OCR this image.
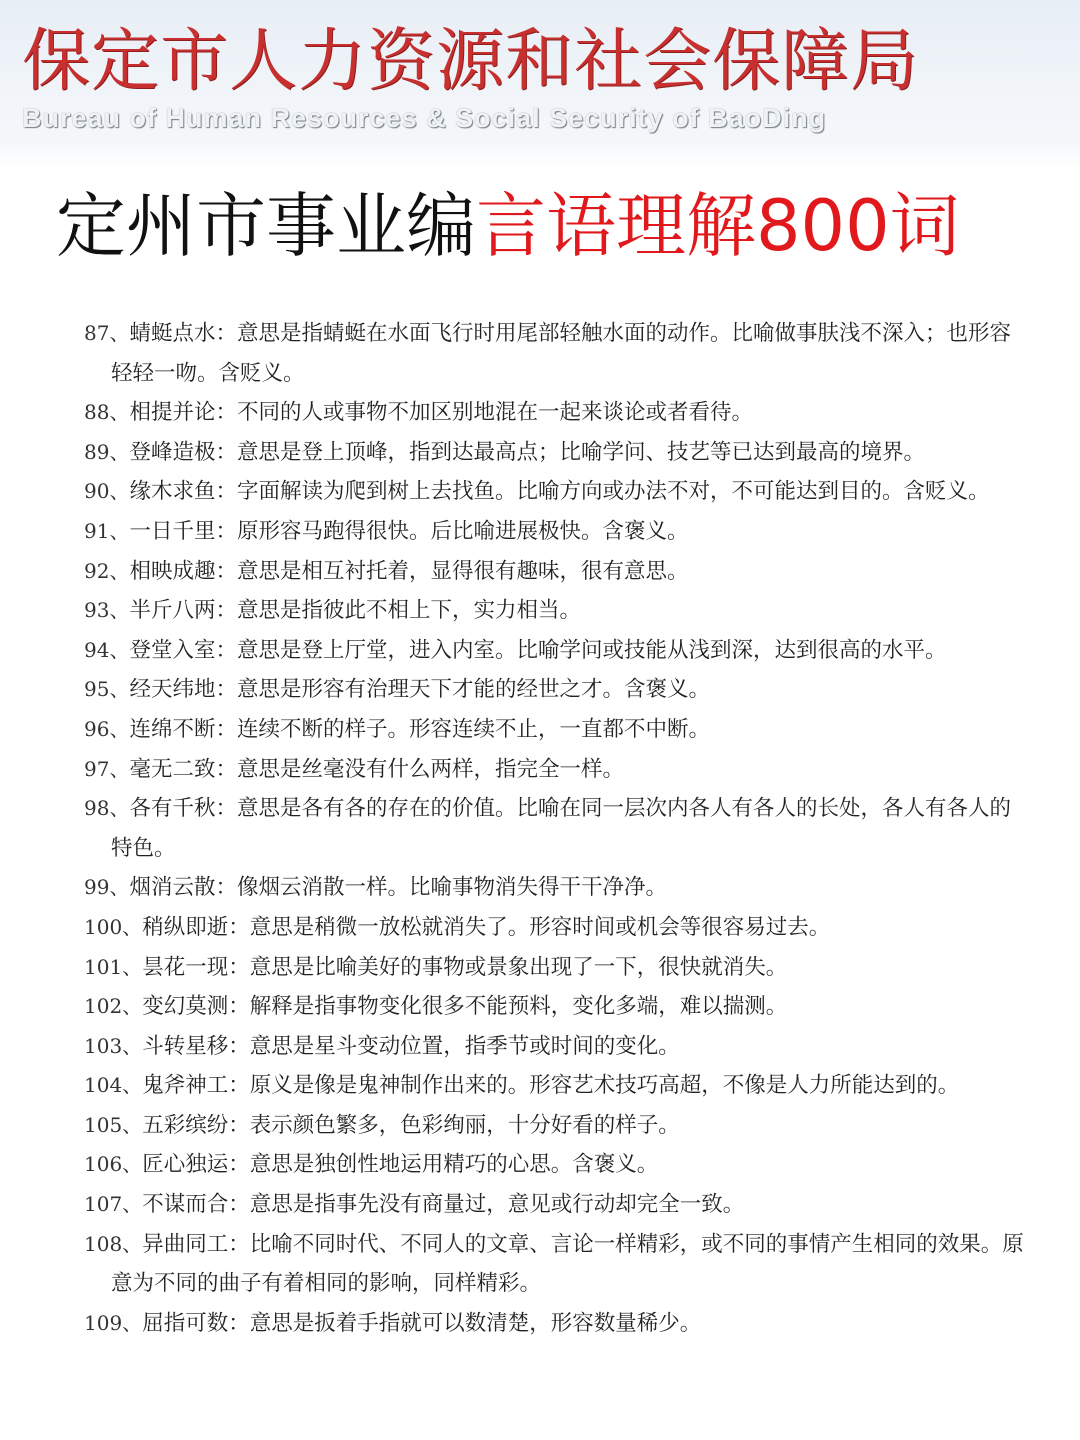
保定市人力资源和社会保障局
Bureau of Human Resources & Social Security of BaoDing
定州市事业编言语理解800词
87、蜻蜓点水：意思是指蜻蜓在水面飞行时用尾部轻触水面的动作。比喻做事肤浅不深入；也形容轻轻一吻。含贬义。
88、相提并论：不同的人或事物不加区别地混在一起来谈论或者看待。
89、登峰造极：意思是登上顶峰，指到达最高点；比喻学问、技艺等已达到最高的境界。
90、缘木求鱼：字面解读为爬到树上去找鱼。比喻方向或办法不对，不可能达到目的。含贬义。
91、一日千里：原形容马跑得很快。后比喻进展极快。含褒义。
92、相映成趣：意思是相互衬托着，显得很有趣味，很有意思。
93、半斤八两：意思是指彼此不相上下，实力相当。
94、登堂入室：意思是登上厅堂，进入内室。比喻学问或技能从浅到深，达到很高的水平。
95、经天纬地：意思是形容有治理天下才能的经世之才。含褒义。
96、连绵不断：连续不断的样子。形容连续不止，一直都不中断。
97、毫无二致：意思是丝毫没有什么两样，指完全一样。
98、各有千秋：意思是各有各的存在的价值。比喻在同一层次内各人有各人的长处，各人有各人的特色。
99、烟消云散：像烟云消散一样。比喻事物消失得干干净净。
100、稍纵即逝：意思是稍微一放松就消失了。形容时间或机会等很容易过去。
101、昙花一现：意思是比喻美好的事物或景象出现了一下，很快就消失。
102、变幻莫测：解释是指事物变化很多不能预料，变化多端，难以揣测。
103、斗转星移：意思是星斗变动位置，指季节或时间的变化。
104、鬼斧神工：原义是像是鬼神制作出来的。形容艺术技巧高超，不像是人力所能达到的。
105、五彩缤纷：表示颜色繁多，色彩绚丽，十分好看的样子。
106、匠心独运：意思是独创性地运用精巧的心思。含褒义。
107、不谋而合：意思是指事先没有商量过，意见或行动却完全一致。
108、异曲同工：比喻不同时代、不同人的文章、言论一样精彩，或不同的事情产生相同的效果。原意为不同的曲子有着相同的影响，同样精彩。
109、屈指可数：意思是扳着手指就可以数清楚，形容数量稀少。
